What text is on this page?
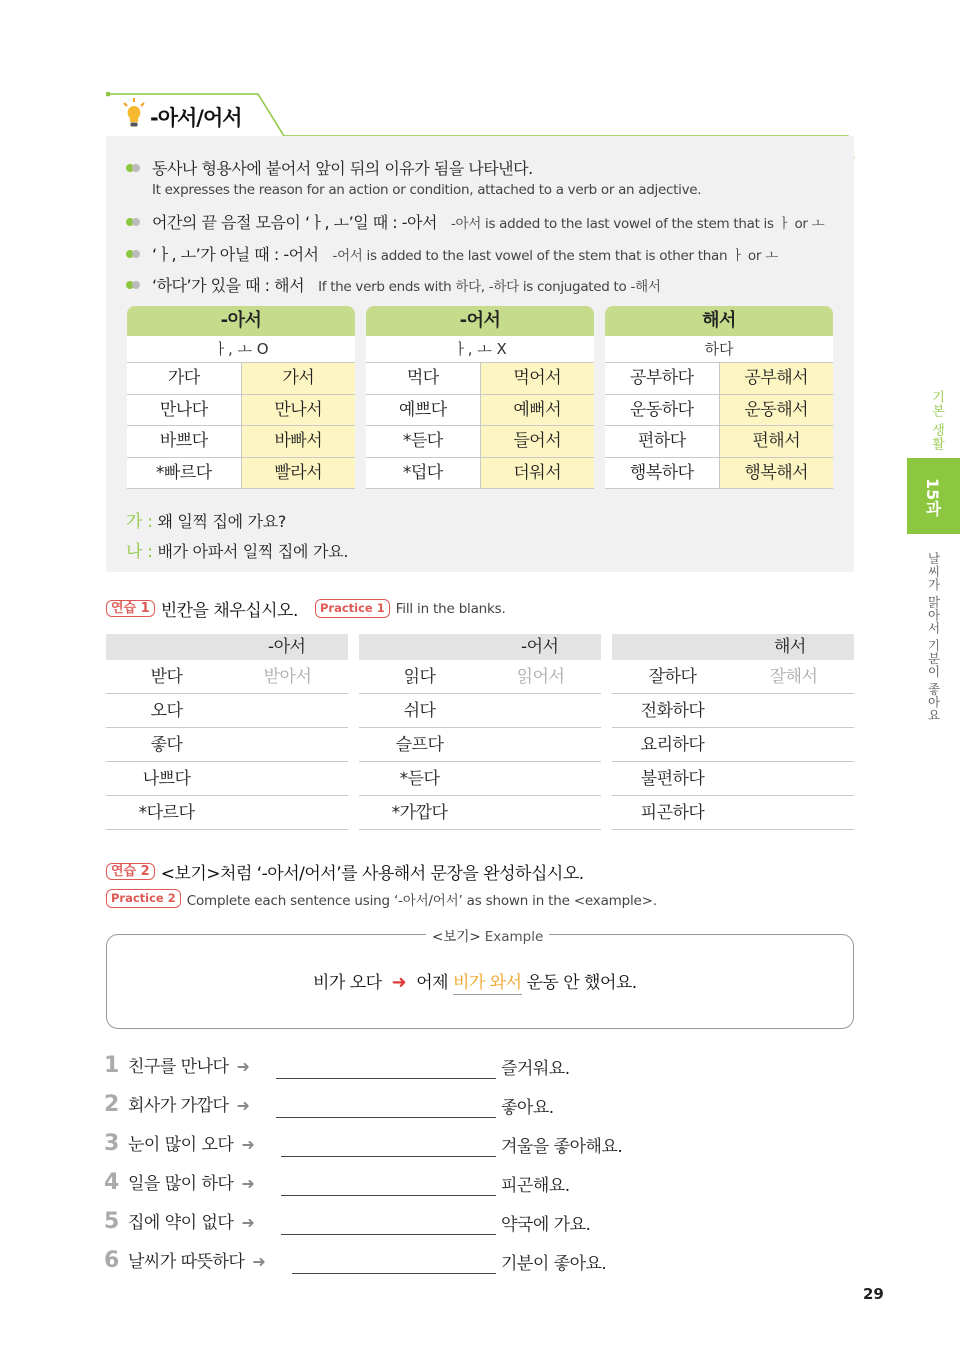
-아서/어서
동사나 형용사에 붙어서 앞이 뒤의 이유가 됨을 나타낸다.
It expresses the reason for an action or condition, attached to a verb or an adjective.
어간의 끝 음절 모음이 ‘ㅏ, ㅗ’일 때 : -아서 -아서 is added to the last vowel of the stem that is ㅏ or ㅗ
‘ㅏ, ㅗ’가 아닐 때 : -어서 -어서 is added to the last vowel of the stem that is other than ㅏ or ㅗ
‘하다’가 있을 때 : 해서 If the verb ends with 하다, -하다 is conjugated to -해서
-아서
ㅏ, ㅗ O
가다	가서
만나다	만나서
바쁘다	바빠서
*빠르다	빨라서
-어서
ㅏ, ㅗ X
먹다	먹어서
예쁘다	예뻐서
*듣다	들어서
*덥다	더워서
해서
하다
공부하다	공부해서
운동하다	운동해서
편하다	편해서
행복하다	행복해서
가 : 왜 일찍 집에 가요?
나 : 배가 아파서 일찍 집에 가요.
연습 1 빈칸을 채우십시오. Practice 1 Fill in the blanks.
-아서
받다	받아서
오다
좋다
나쁘다
*다르다
-어서
읽다	읽어서
쉬다
슬프다
*듣다
*가깝다
해서
잘하다	잘해서
전화하다
요리하다
불편하다
피곤하다
연습 2 <보기>처럼 ‘-아서/어서’를 사용해서 문장을 완성하십시오.
Practice 2 Complete each sentence using ‘-아서/어서’ as shown in the <example>.
<보기> Example
비가 오다 ➜ 어제 비가 와서 운동 안 했어요.
1 친구를 만나다 ➜	즐거워요.
2 회사가 가깝다 ➜	좋아요.
3 눈이 많이 오다 ➜	겨울을 좋아해요.
4 일을 많이 하다 ➜	피곤해요.
5 집에 약이 없다 ➜	약국에 가요.
6 날씨가 따뜻하다 ➜	기분이 좋아요.
기본 생활
15과
날씨가 맑아서 기분이 좋아요
29
